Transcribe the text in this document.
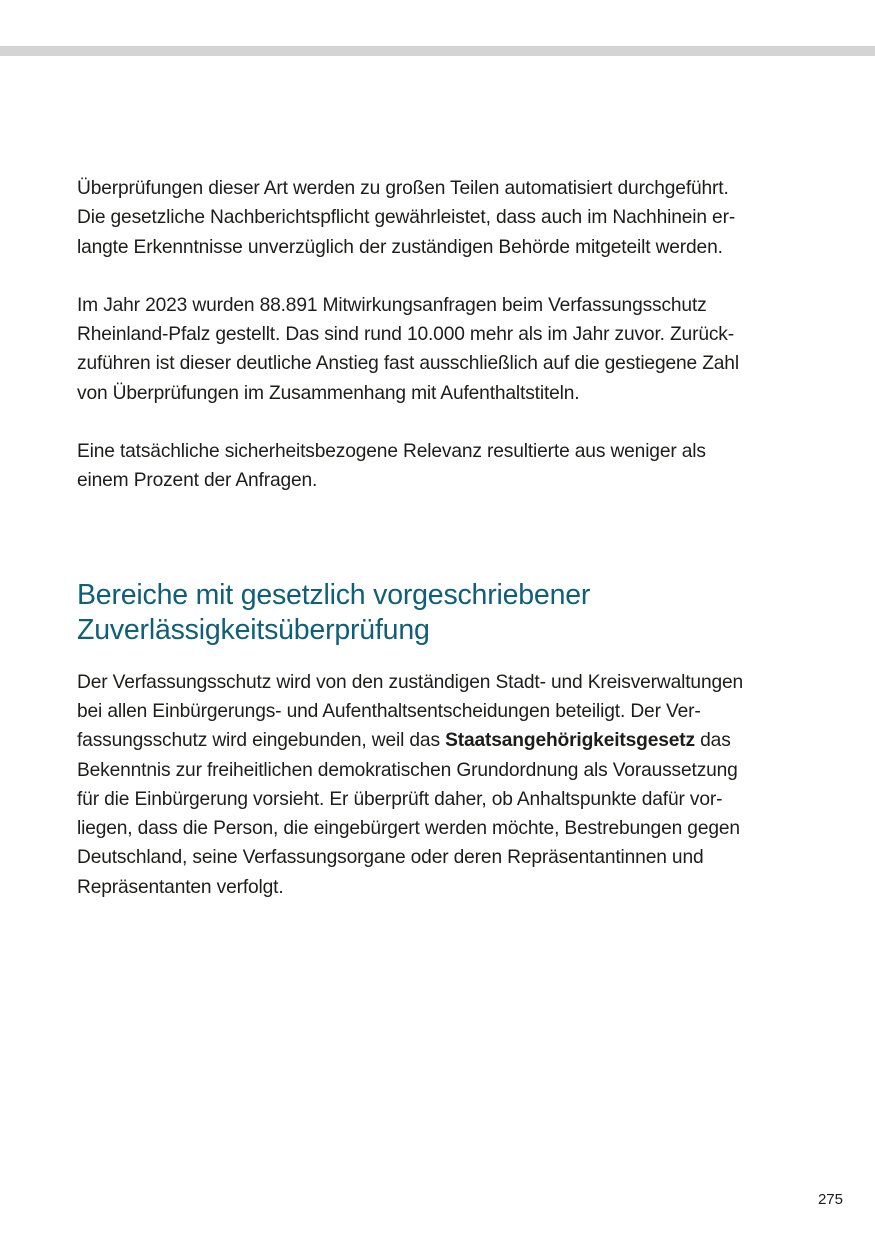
Überprüfungen dieser Art werden zu großen Teilen automatisiert durchgeführt.
Die gesetzliche Nachberichtspflicht gewährleistet, dass auch im Nachhinein er-
langte Erkenntnisse unverzüglich der zuständigen Behörde mitgeteilt werden.

Im Jahr 2023 wurden 88.891 Mitwirkungsanfragen beim Verfassungsschutz
Rheinland-Pfalz gestellt. Das sind rund 10.000 mehr als im Jahr zuvor. Zurück-
zuführen ist dieser deutliche Anstieg fast ausschließlich auf die gestiegene Zahl
von Überprüfungen im Zusammenhang mit Aufenthaltstiteln.

Eine tatsächliche sicherheitsbezogene Relevanz resultierte aus weniger als
einem Prozent der Anfragen.

Bereiche mit gesetzlich vorgeschriebener
Zuverlässigkeitsüberprüfung

Der Verfassungsschutz wird von den zuständigen Stadt- und Kreisverwaltungen
bei allen Einbürgerungs- und Aufenthaltsentscheidungen beteiligt. Der Ver-
fassungsschutz wird eingebunden, weil das Staatsangehörigkeitsgesetz das
Bekenntnis zur freiheitlichen demokratischen Grundordnung als Voraussetzung
für die Einbürgerung vorsieht. Er überprüft daher, ob Anhaltspunkte dafür vor-
liegen, dass die Person, die eingebürgert werden möchte, Bestrebungen gegen
Deutschland, seine Verfassungsorgane oder deren Repräsentantinnen und
Repräsentanten verfolgt.

275
